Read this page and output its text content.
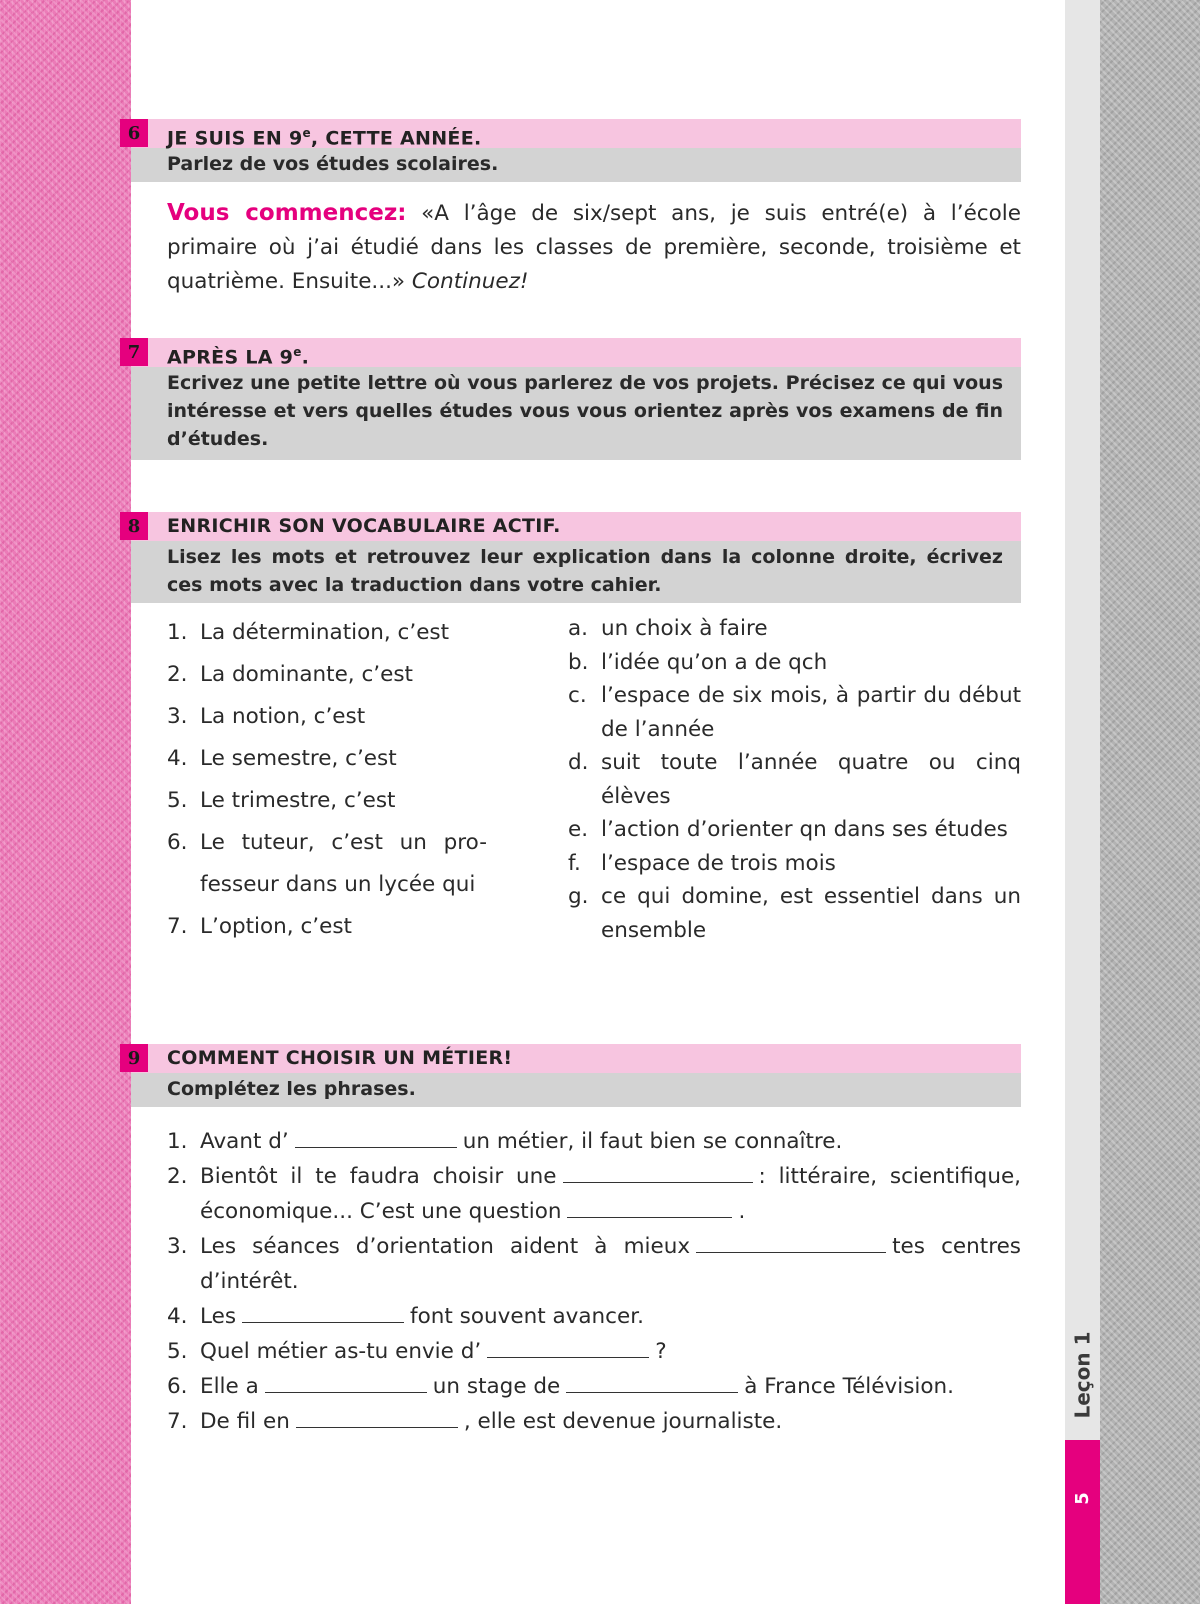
Leçon 1
5
6	JE SUIS EN 9e, CETTE ANNÉE.
Parlez de vos études scolaires.
Vous commencez: «A l’âge de six/sept ans, je suis entré(e) à l’école primaire où j’ai étudié dans les classes de première, seconde, troisième et quatrième. Ensuite...» Continuez!
7	APRÈS LA 9e.
Ecrivez une petite lettre où vous parlerez de vos projets. Précisez ce qui vous intéresse et vers quelles études vous vous orientez après vos examens de fin d’études.
8	ENRICHIR SON VOCABULAIRE ACTIF.
Lisez les mots et retrouvez leur explication dans la colonne droite, écrivez ces mots avec la traduction dans votre cahier.
1. La détermination, c’est
2. La dominante, c’est
3. La notion, c’est
4. Le semestre, c’est
5. Le trimestre, c’est
6. Le tuteur, c’est un pro- fesseur dans un lycée qui
7. L’option, c’est
a. un choix à faire
b. l’idée qu’on a de qch
c. l’espace de six mois, à partir du début de l’année
d. suit toute l’année quatre ou cinq élèves
e. l’action d’orienter qn dans ses études
f. l’espace de trois mois
g. ce qui domine, est essentiel dans un ensemble
9	COMMENT CHOISIR UN MÉTIER!
Complétez les phrases.
1. Avant d’	un métier, il faut bien se connaître.
2. Bientôt il te faudra choisir une	: littéraire, scientifique, économique... C’est une question	.
3. Les séances d’orientation aident à mieux	tes centres d’intérêt.
4. Les	font souvent avancer.
5. Quel métier as-tu envie d’	?
6. Elle a	un stage de	à France Télévision.
7. De fil en	, elle est devenue journaliste.
